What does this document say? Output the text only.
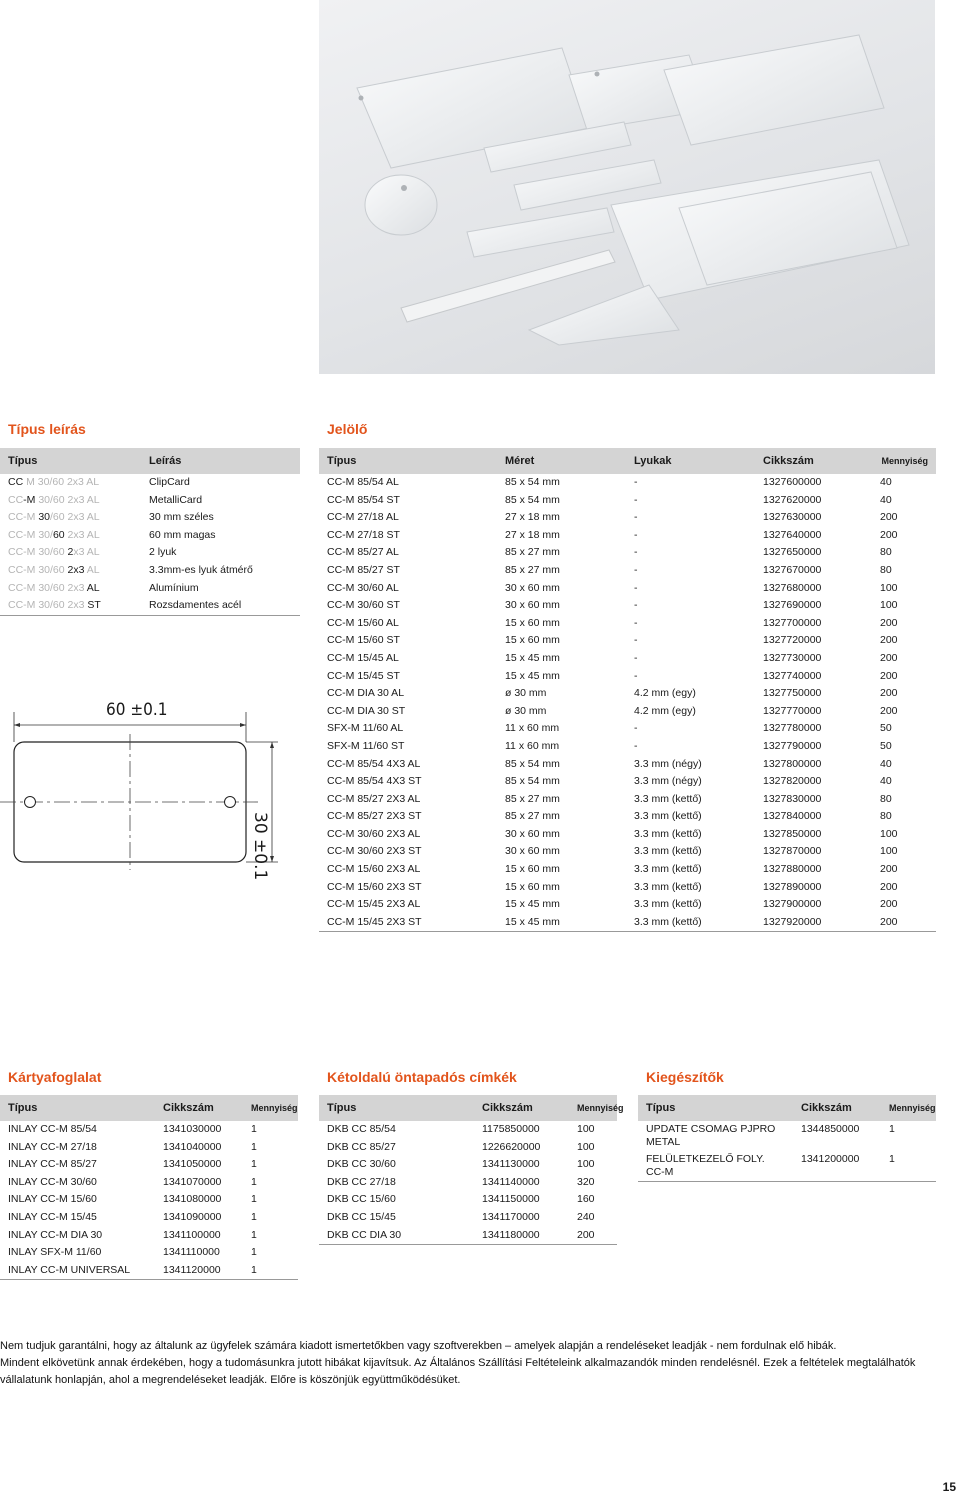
Típus leírás
Típus	Leírás
CC M 30/60 2x3 AL	ClipCard
CC-M 30/60 2x3 AL	MetalliCard
CC-M 30/60 2x3 AL	30 mm széles
CC-M 30/60 2x3 AL	60 mm magas
CC-M 30/60 2x3 AL	2 lyuk
CC-M 30/60 2x3 AL	3.3mm-es lyuk átmérő
CC-M 30/60 2x3 AL	Alumínium
CC-M 30/60 2x3 ST	Rozsdamentes acél
60 ±0.1
30 ±0.1
Jelölő
Típus	Méret	Lyukak	Cikkszám	Mennyiség
CC-M 85/54 AL	85 x 54 mm	-	1327600000	40
CC-M 85/54 ST	85 x 54 mm	-	1327620000	40
CC-M 27/18 AL	27 x 18 mm	-	1327630000	200
CC-M 27/18 ST	27 x 18 mm	-	1327640000	200
CC-M 85/27 AL	85 x 27 mm	-	1327650000	80
CC-M 85/27 ST	85 x 27 mm	-	1327670000	80
CC-M 30/60 AL	30 x 60 mm	-	1327680000	100
CC-M 30/60 ST	30 x 60 mm	-	1327690000	100
CC-M 15/60 AL	15 x 60 mm	-	1327700000	200
CC-M 15/60 ST	15 x 60 mm	-	1327720000	200
CC-M 15/45 AL	15 x 45 mm	-	1327730000	200
CC-M 15/45 ST	15 x 45 mm	-	1327740000	200
CC-M DIA 30 AL	ø 30 mm	4.2 mm (egy)	1327750000	200
CC-M DIA 30 ST	ø 30 mm	4.2 mm (egy)	1327770000	200
SFX-M 11/60 AL	11 x 60 mm	-	1327780000	50
SFX-M 11/60 ST	11 x 60 mm	-	1327790000	50
CC-M 85/54 4X3 AL	85 x 54 mm	3.3 mm (négy)	1327800000	40
CC-M 85/54 4X3 ST	85 x 54 mm	3.3 mm (négy)	1327820000	40
CC-M 85/27 2X3 AL	85 x 27 mm	3.3 mm (kettő)	1327830000	80
CC-M 85/27 2X3 ST	85 x 27 mm	3.3 mm (kettő)	1327840000	80
CC-M 30/60 2X3 AL	30 x 60 mm	3.3 mm (kettő)	1327850000	100
CC-M 30/60 2X3 ST	30 x 60 mm	3.3 mm (kettő)	1327870000	100
CC-M 15/60 2X3 AL	15 x 60 mm	3.3 mm (kettő)	1327880000	200
CC-M 15/60 2X3 ST	15 x 60 mm	3.3 mm (kettő)	1327890000	200
CC-M 15/45 2X3 AL	15 x 45 mm	3.3 mm (kettő)	1327900000	200
CC-M 15/45 2X3 ST	15 x 45 mm	3.3 mm (kettő)	1327920000	200
Kártyafoglalat
Típus	Cikkszám	Mennyiség
INLAY CC-M 85/54	1341030000	1
INLAY CC-M 27/18	1341040000	1
INLAY CC-M 85/27	1341050000	1
INLAY CC-M 30/60	1341070000	1
INLAY CC-M 15/60	1341080000	1
INLAY CC-M 15/45	1341090000	1
INLAY CC-M DIA 30	1341100000	1
INLAY SFX-M 11/60	1341110000	1
INLAY CC-M UNIVERSAL	1341120000	1
Kétoldalú öntapadós címkék
Típus	Cikkszám	Mennyiség
DKB CC 85/54	1175850000	100
DKB CC 85/27	1226620000	100
DKB CC 30/60	1341130000	100
DKB CC 27/18	1341140000	320
DKB CC 15/60	1341150000	160
DKB CC 15/45	1341170000	240
DKB CC DIA 30	1341180000	200
Kiegészítők
Típus	Cikkszám	Mennyiség
UPDATE CSOMAG PJPRO METAL	1344850000	1
FELÜLETKEZELŐ FOLY. CC-M	1341200000	1

Nem tudjuk garantálni, hogy az általunk az ügyfelek számára kiadott ismertetőkben vagy szoftverekben – amelyek alapján a rendeléseket leadják - nem fordulnak elő hibák.

Mindent elkövetünk annak érdekében, hogy a tudomásunkra jutott hibákat kijavítsuk. Az Általános Szállítási Feltételeink alkalmazandók minden rendelésnél. Ezek a feltételek megtalálhatók vállalatunk honlapján, ahol a megrendeléseket leadják. Előre is köszönjük együttműködésüket.

15
